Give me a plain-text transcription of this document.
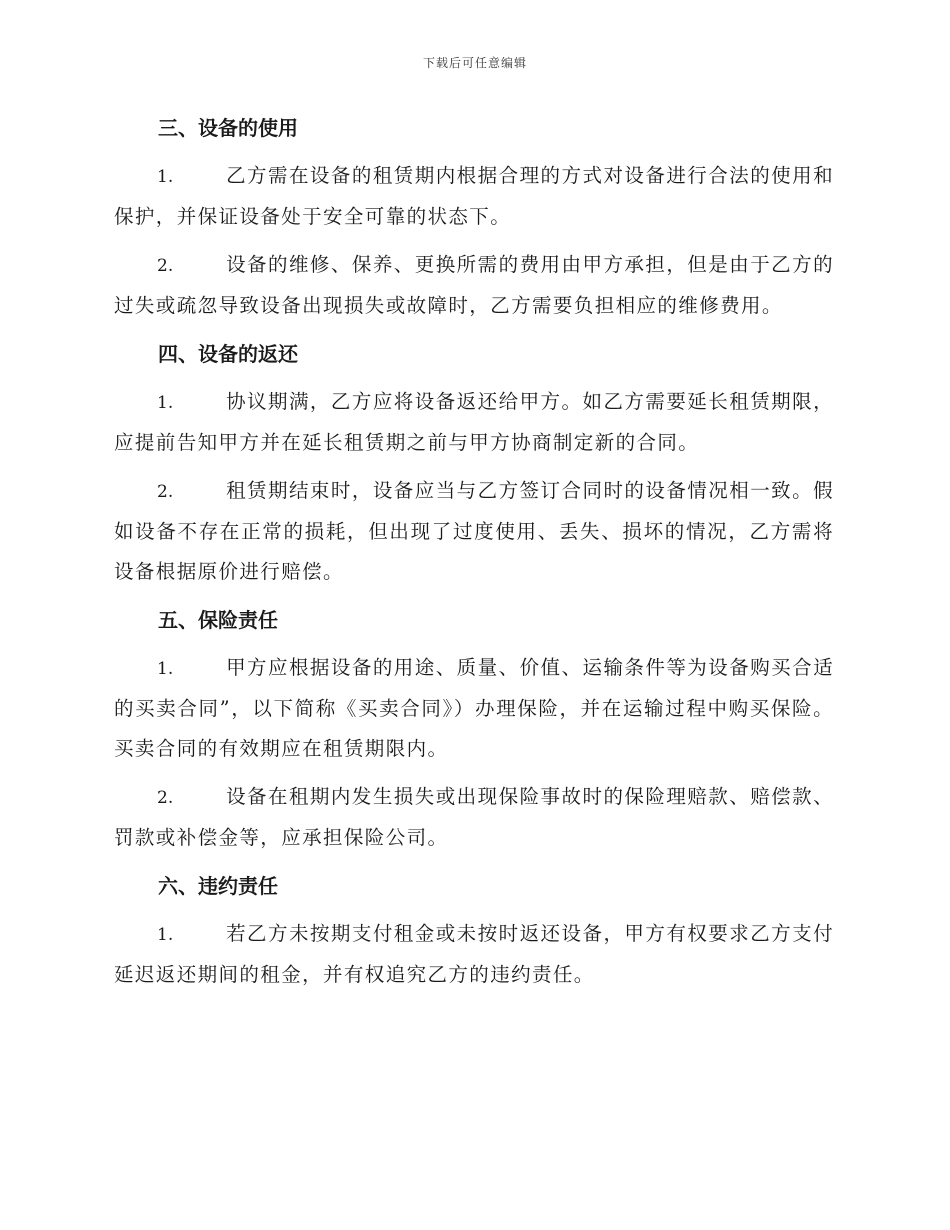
下载后可任意编辑
三、设备的使用

1.	乙方需在设备的租赁期内根据合理的方式对设备进行合法的使用和保护，并保证设备处于安全可靠的状态下。

2.	设备的维修、保养、更换所需的费用由甲方承担，但是由于乙方的过失或疏忽导致设备出现损失或故障时，乙方需要负担相应的维修费用。

四、设备的返还

1.	协议期满，乙方应将设备返还给甲方。如乙方需要延长租赁期限，应提前告知甲方并在延长租赁期之前与甲方协商制定新的合同。

2.	租赁期结束时，设备应当与乙方签订合同时的设备情况相一致。假如设备不存在正常的损耗，但出现了过度使用、丢失、损坏的情况，乙方需将设备根据原价进行赔偿。

五、保险责任

1.	甲方应根据设备的用途、质量、价值、运输条件等为设备购买合适的买卖合同”，以下简称《买卖合同》）办理保险，并在运输过程中购买保险。买卖合同的有效期应在租赁期限内。

2.	设备在租期内发生损失或出现保险事故时的保险理赔款、赔偿款、罚款或补偿金等，应承担保险公司。

六、违约责任

1.	若乙方未按期支付租金或未按时返还设备，甲方有权要求乙方支付延迟返还期间的租金，并有权追究乙方的违约责任。
